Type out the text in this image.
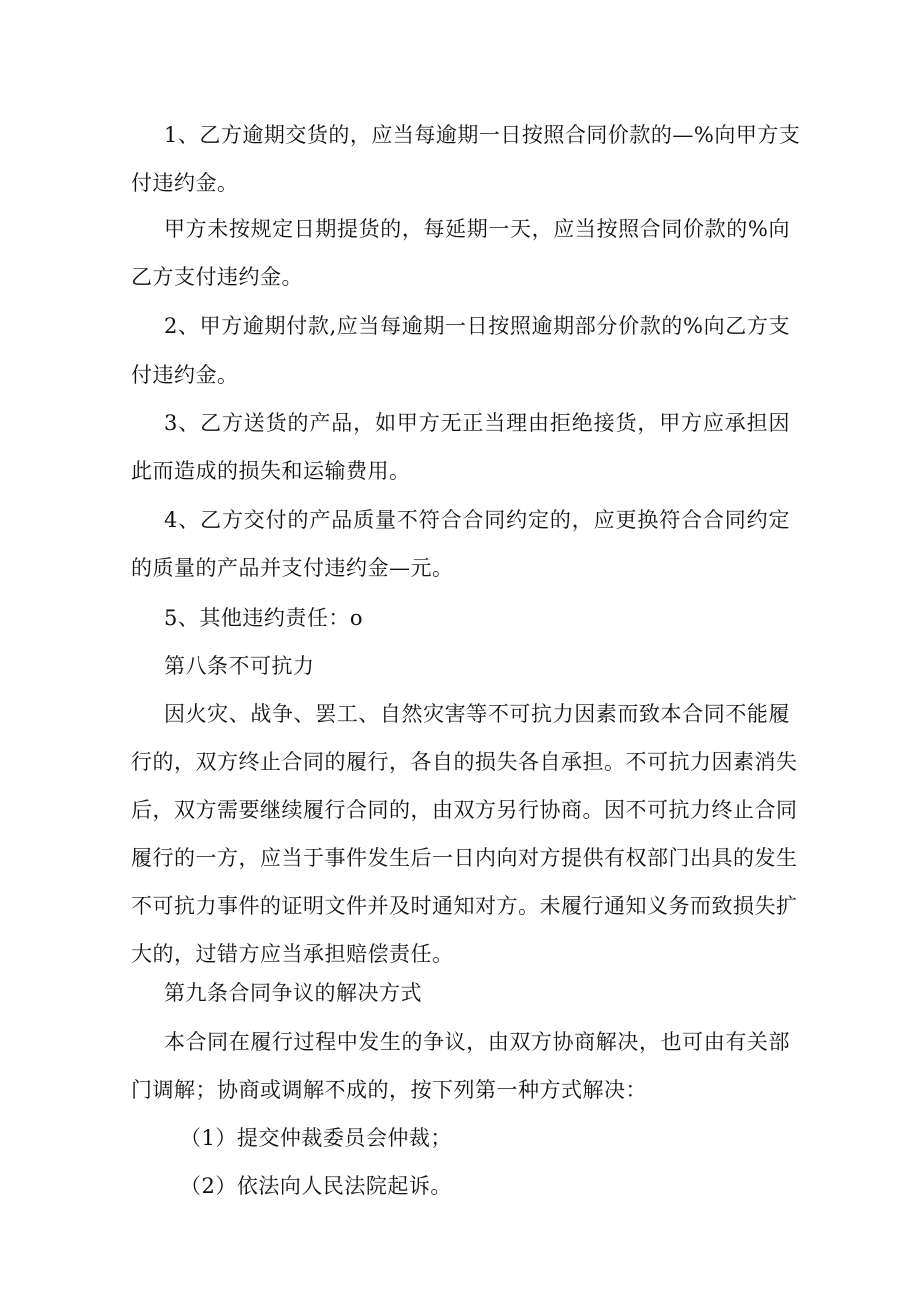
1、乙方逾期交货的，应当每逾期一日按照合同价款的—%向甲方支
付违约金。
甲方未按规定日期提货的，每延期一天，应当按照合同价款的%向
乙方支付违约金。
2、甲方逾期付款,应当每逾期一日按照逾期部分价款的%向乙方支
付违约金。
3、乙方送货的产品，如甲方无正当理由拒绝接货，甲方应承担因
此而造成的损失和运输费用。
4、乙方交付的产品质量不符合合同约定的，应更换符合合同约定
的质量的产品并支付违约金—元。
5、其他违约责任：o
第八条不可抗力
因火灾、战争、罢工、自然灾害等不可抗力因素而致本合同不能履
行的，双方终止合同的履行，各自的损失各自承担。不可抗力因素消失
后，双方需要继续履行合同的，由双方另行协商。因不可抗力终止合同
履行的一方，应当于事件发生后一日内向对方提供有权部门出具的发生
不可抗力事件的证明文件并及时通知对方。未履行通知义务而致损失扩
大的，过错方应当承担赔偿责任。
第九条合同争议的解决方式
本合同在履行过程中发生的争议，由双方协商解决，也可由有关部
门调解；协商或调解不成的，按下列第一种方式解决：
（1）提交仲裁委员会仲裁；
（2）依法向人民法院起诉。
